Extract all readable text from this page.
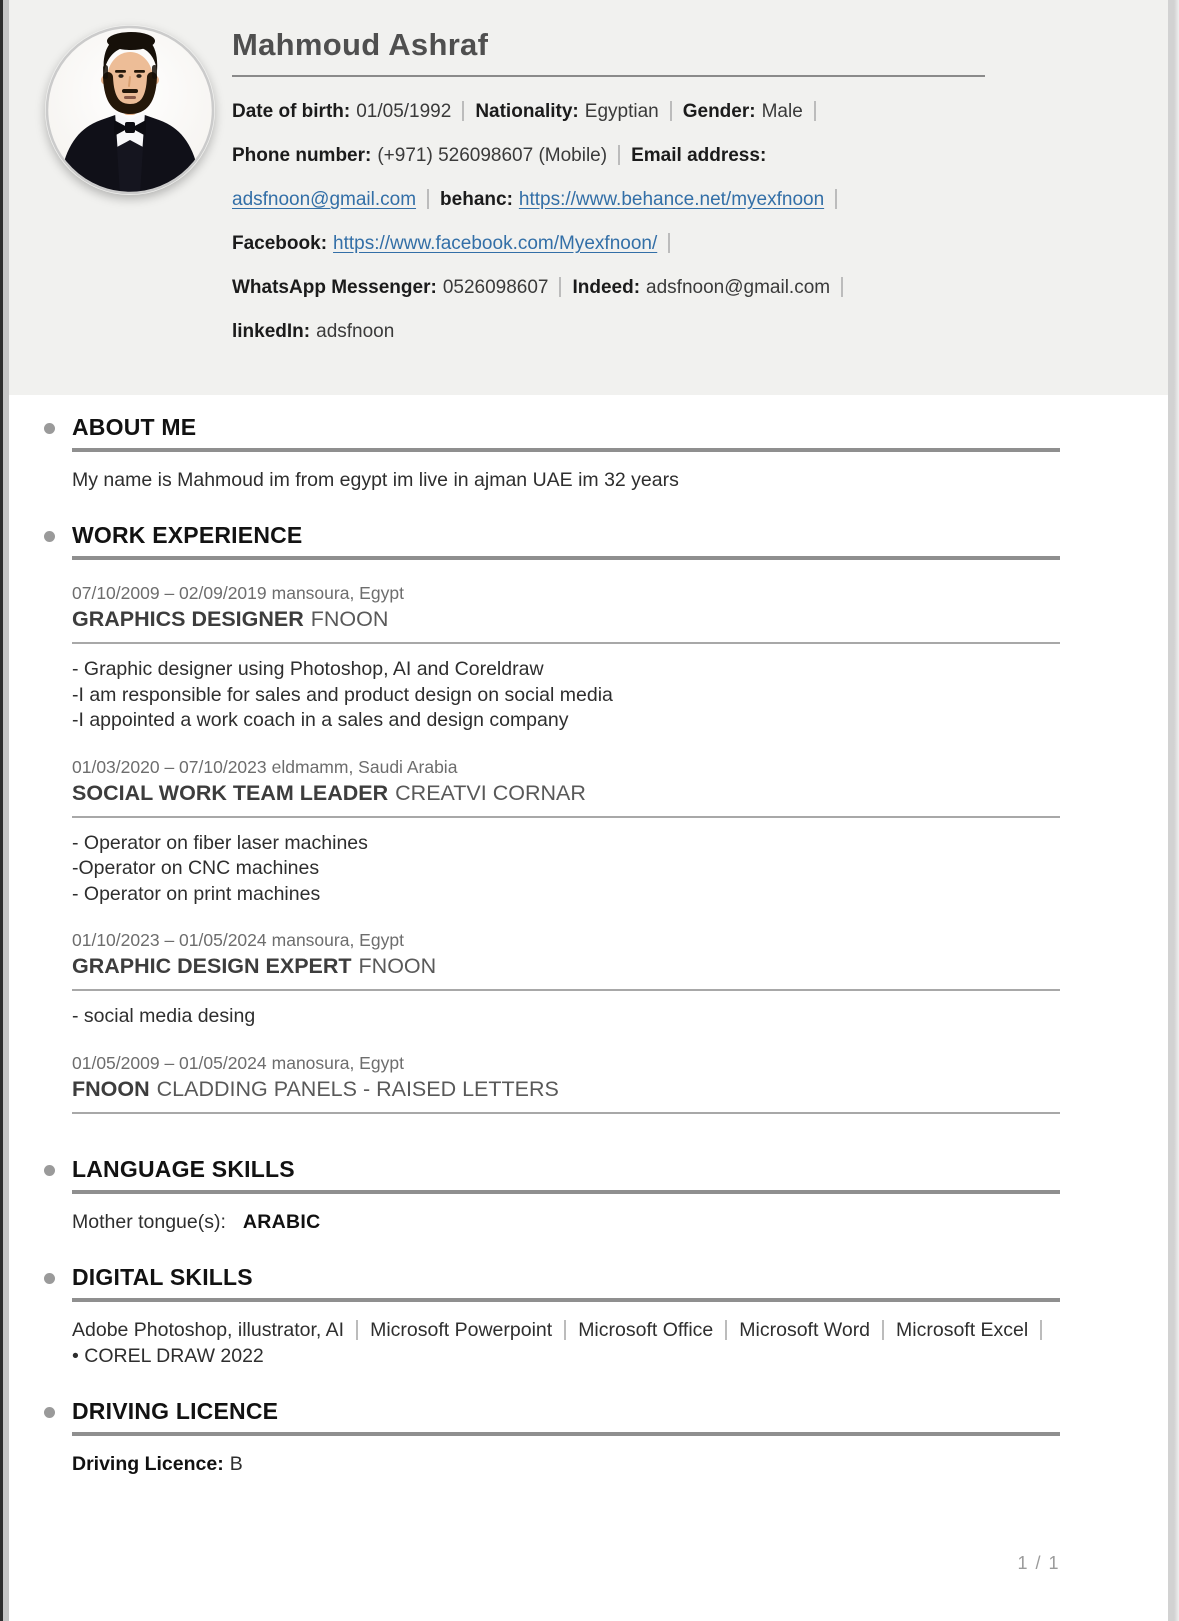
Mahmoud Ashraf
Date of birth: 01/05/1992 Nationality: Egyptian Gender: Male
Phone number: (+971) 526098607 (Mobile) Email address:
adsfnoon@gmail.com behanc: https://www.behance.net/myexfnoon
Facebook: https://www.facebook.com/Myexfnoon/
WhatsApp Messenger: 0526098607 Indeed: adsfnoon@gmail.com
linkedIn: adsfnoon
ABOUT ME

My name is Mahmoud im from egypt im live in ajman UAE im 32 years

WORK EXPERIENCE
07/10/2009 – 02/09/2019 mansoura, Egypt
GRAPHICS DESIGNER FNOON
- Graphic designer using Photoshop, AI and Coreldraw
-I am responsible for sales and product design on social media
-I appointed a work coach in a sales and design company
01/03/2020 – 07/10/2023 eldmamm, Saudi Arabia
SOCIAL WORK TEAM LEADER CREATVI CORNAR
- Operator on fiber laser machines
-Operator on CNC machines
- Operator on print machines
01/10/2023 – 01/05/2024 mansoura, Egypt
GRAPHIC DESIGN EXPERT FNOON
- social media desing
01/05/2009 – 01/05/2024 manosura, Egypt
FNOON CLADDING PANELS - RAISED LETTERS
LANGUAGE SKILLS

Mother tongue(s): ARABIC

DIGITAL SKILLS

Adobe Photoshop, illustrator, AI Microsoft Powerpoint Microsoft Office Microsoft Word Microsoft Excel• COREL DRAW 2022

DRIVING LICENCE

Driving Licence: B

1 / 1
